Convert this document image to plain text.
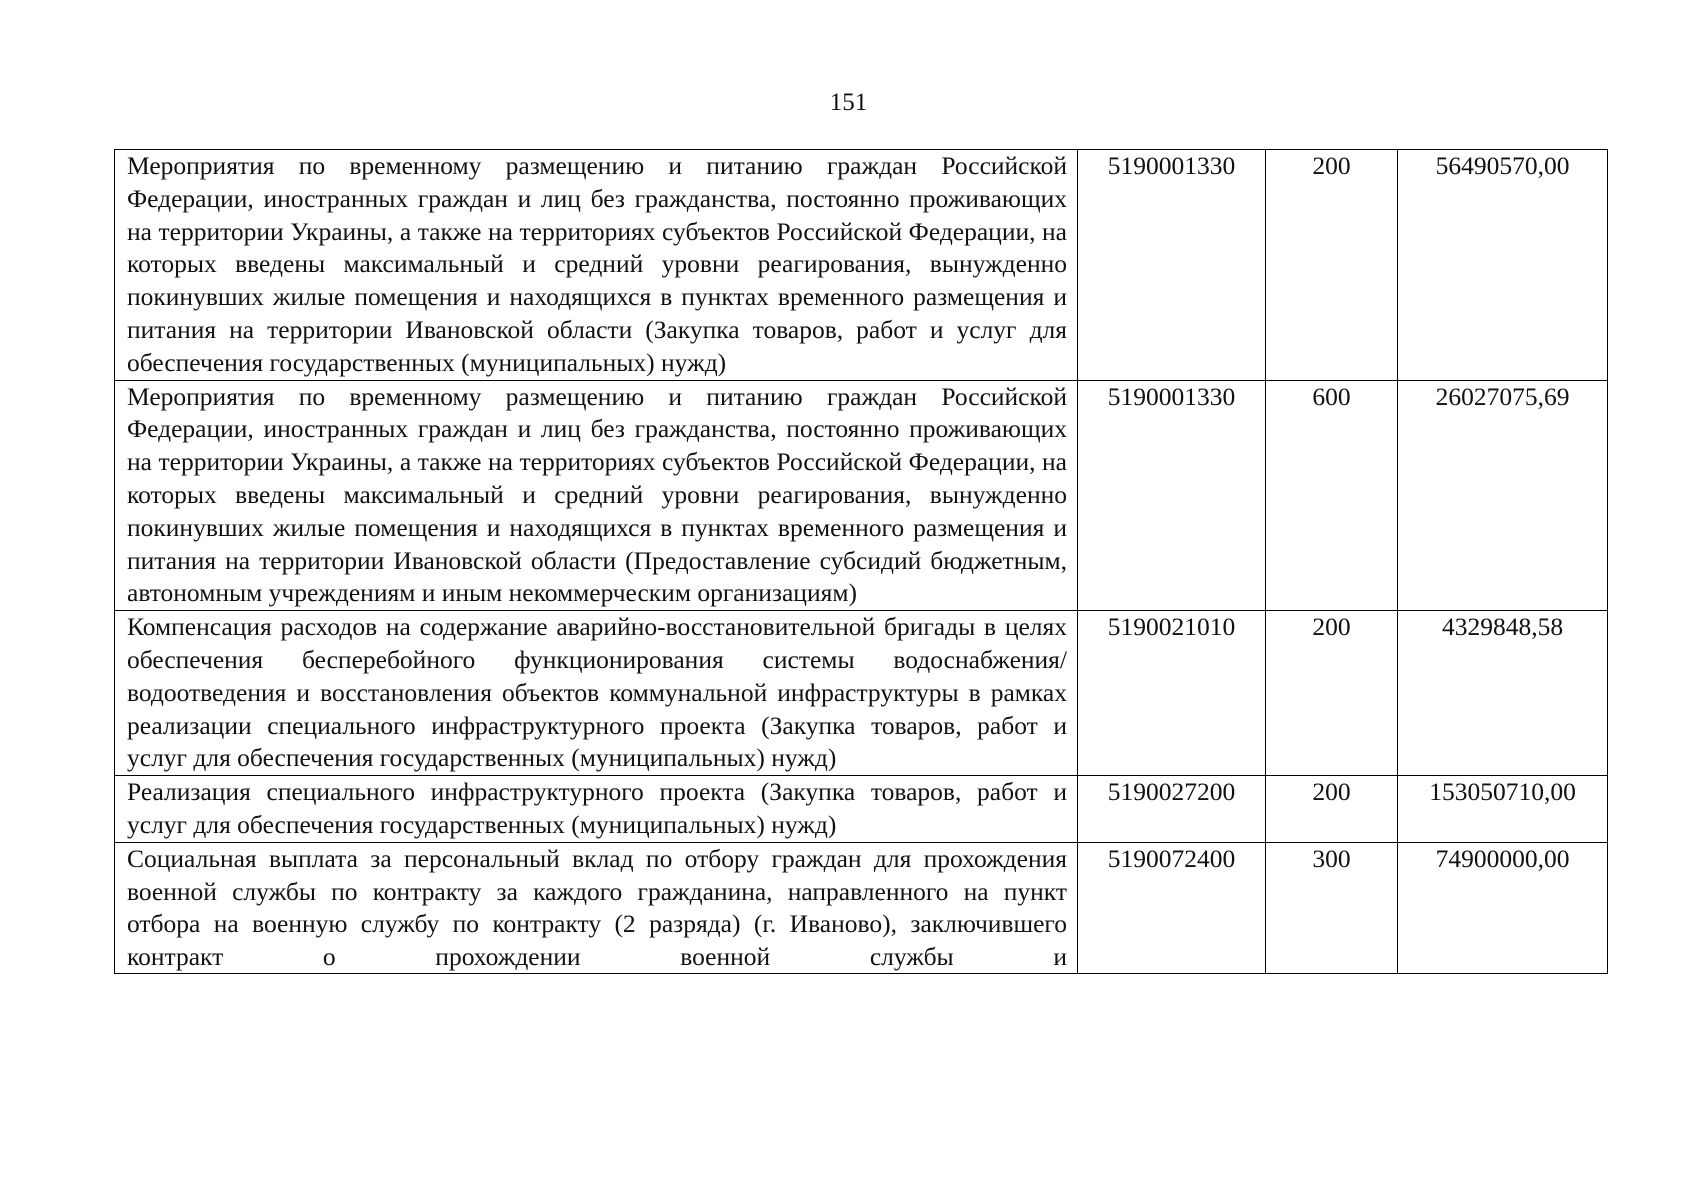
151
Мероприятия по временному размещению и питанию граждан Российской Федерации, иностранных граждан и лиц без гражданства, постоянно проживающих на территории Украины, а также на территориях субъектов Российской Федерации, на которых введены максимальный и средний уровни реагирования, вынужденно покинувших жилые помещения и находящихся в пунктах временного размещения и питания на территории Ивановской области (Закупка товаров, работ и услуг для обеспечения государственных (муниципальных) нужд)	5190001330	200	56490570,00

Мероприятия по временному размещению и питанию граждан Российской Федерации, иностранных граждан и лиц без гражданства, постоянно проживающих на территории Украины, а также на территориях субъектов Российской Федерации, на которых введены максимальный и средний уровни реагирования, вынужденно покинувших жилые помещения и находящихся в пунктах временного размещения и питания на территории Ивановской области (Предоставление субсидий бюджетным, автономным учреждениям и иным некоммерческим организациям)	5190001330	600	26027075,69

Компенсация расходов на содержание аварийно-восстановительной бригады в целях обеспечения бесперебойного функционирования системы водоснабжения/водоотведения и восстановления объектов коммунальной инфраструктуры в рамках реализации специального инфраструктурного проекта (Закупка товаров, работ и услуг для обеспечения государственных (муниципальных) нужд)	5190021010	200	4329848,58

Реализация специального инфраструктурного проекта (Закупка товаров, работ и услуг для обеспечения государственных (муниципальных) нужд)	5190027200	200	153050710,00

Социальная выплата за персональный вклад по отбору граждан для прохождения военной службы по контракту за каждого гражданина, направленного на пункт отбора на военную службу по контракту (2 разряда) (г. Иваново), заключившего контракт о прохождении военной службы и	5190072400	300	74900000,00
